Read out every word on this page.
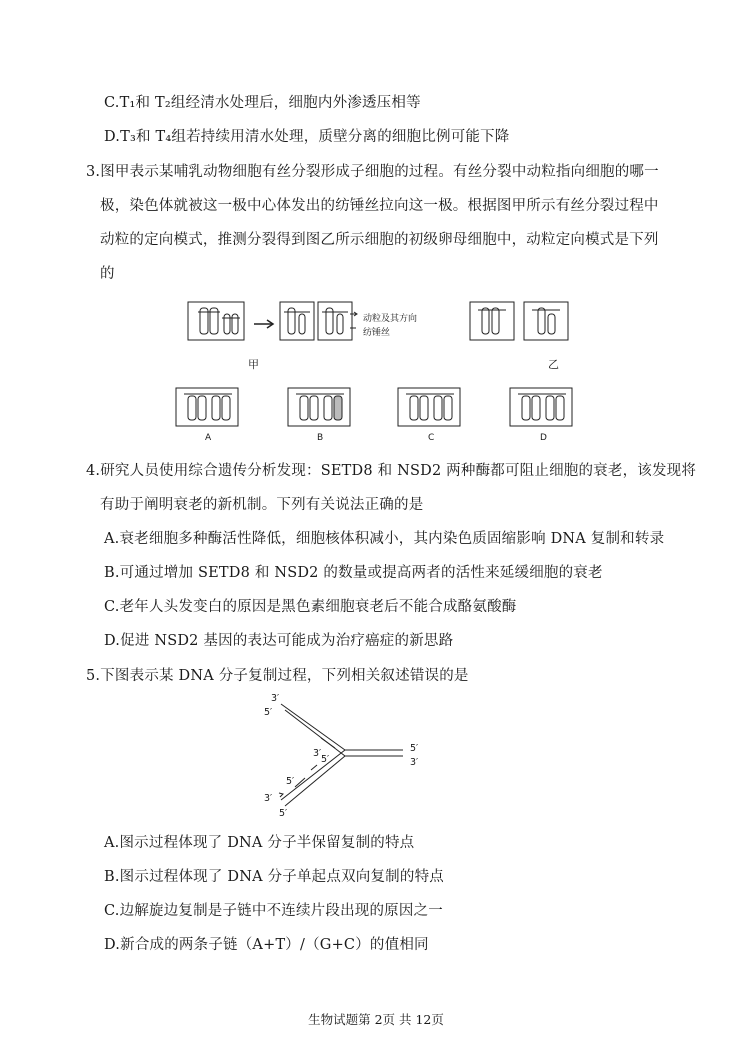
C.T₁和 T₂组经清水处理后，细胞内外渗透压相等
D.T₃和 T₄组若持续用清水处理，质壁分离的细胞比例可能下降
3.图甲表示某哺乳动物细胞有丝分裂形成子细胞的过程。有丝分裂中动粒指向细胞的哪一
极，染色体就被这一极中心体发出的纺锤丝拉向这一极。根据图甲所示有丝分裂过程中
动粒的定向模式，推测分裂得到图乙所示细胞的初级卵母细胞中，动粒定向模式是下列
的
动粒及其方向
纺锤丝
甲	乙
A	B	C	D
4.研究人员使用综合遗传分析发现：SETD8 和 NSD2 两种酶都可阻止细胞的衰老，该发现将
有助于阐明衰老的新机制。下列有关说法正确的是
A.衰老细胞多种酶活性降低，细胞核体积减小，其内染色质固缩影响 DNA 复制和转录
B.可通过增加 SETD8 和 NSD2 的数量或提高两者的活性来延缓细胞的衰老
C.老年人头发变白的原因是黑色素细胞衰老后不能合成酪氨酸酶
D.促进 NSD2 基因的表达可能成为治疗癌症的新思路
5.下图表示某 DNA 分子复制过程，下列相关叙述错误的是
3′
5′
3′
5′
5′
3′
5′
3′
5′
A.图示过程体现了 DNA 分子半保留复制的特点
B.图示过程体现了 DNA 分子单起点双向复制的特点
C.边解旋边复制是子链中不连续片段出现的原因之一
D.新合成的两条子链（A+T）/（G+C）的值相同
生物试题第 2页 共 12页
